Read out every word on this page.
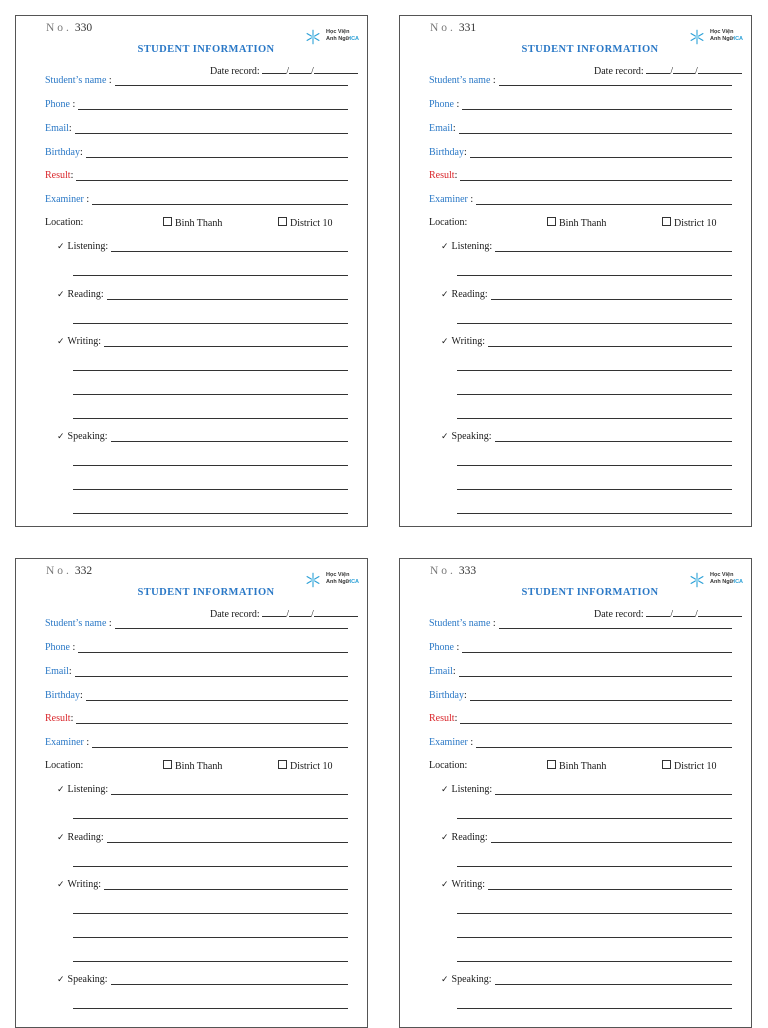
No. 330	Học Viện
Anh NgữICA
STUDENT INFORMATION
Date record:	/ /
Student’s name :
Phone :
Email :
Birthday :
Result :
Examiner :
Location:	Binh Thanh	District 10
✓ Listening :
✓ Reading :
✓ Writing :
✓ Speaking :
No. 331	Học Viện
Anh NgữICA
STUDENT INFORMATION
Date record:	/ /
Student’s name :
Phone :
Email :
Birthday :
Result :
Examiner :
Location:	Binh Thanh	District 10
✓ Listening :
✓ Reading :
✓ Writing :
✓ Speaking :
No. 332	Học Viện
Anh NgữICA
STUDENT INFORMATION
Date record:	/ /
Student’s name :
Phone :
Email :
Birthday :
Result :
Examiner :
Location:	Binh Thanh	District 10
✓ Listening :
✓ Reading :
✓ Writing :
✓ Speaking :
No. 333	Học Viện
Anh NgữICA
STUDENT INFORMATION
Date record:	/ /
Student’s name :
Phone :
Email :
Birthday :
Result :
Examiner :
Location:	Binh Thanh	District 10
✓ Listening :
✓ Reading :
✓ Writing :
✓ Speaking :
